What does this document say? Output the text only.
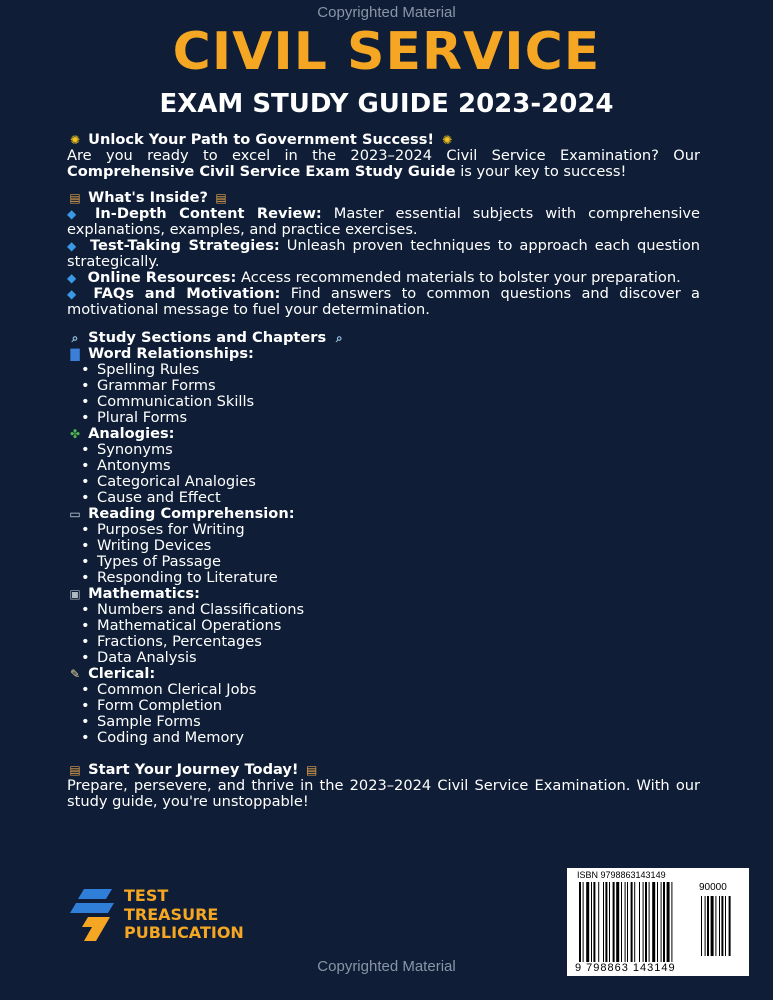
Copyrighted Material
CIVIL SERVICE
EXAM STUDY GUIDE 2023-2024
✺ Unlock Your Path to Government Success! ✺
Are you ready to excel in the 2023–2024 Civil Service Examination? Our Comprehensive Civil Service Exam Study Guide is your key to success!
▤ What's Inside? ▤
◆ In-Depth Content Review: Master essential subjects with comprehensive explanations, examples, and practice exercises.
◆ Test-Taking Strategies: Unleash proven techniques to approach each question strategically.
◆ Online Resources: Access recommended materials to bolster your preparation.
◆ FAQs and Motivation: Find answers to common questions and discover a motivational message to fuel your determination.
⌕ Study Sections and Chapters ⌕
▇ Word Relationships:
• Spelling Rules
• Grammar Forms
• Communication Skills
• Plural Forms
✤ Analogies:
• Synonyms
• Antonyms
• Categorical Analogies
• Cause and Effect
▭ Reading Comprehension:
• Purposes for Writing
• Writing Devices
• Types of Passage
• Responding to Literature
▣ Mathematics:
• Numbers and Classifications
• Mathematical Operations
• Fractions, Percentages
• Data Analysis
✎ Clerical:
• Common Clerical Jobs
• Form Completion
• Sample Forms
• Coding and Memory
▤ Start Your Journey Today! ▤
Prepare, persevere, and thrive in the 2023–2024 Civil Service Examination. With our study guide, you're unstoppable!
TEST
TREASURE
PUBLICATION
ISBN 9798863143149
90000
9 798863 143149
Copyrighted Material
